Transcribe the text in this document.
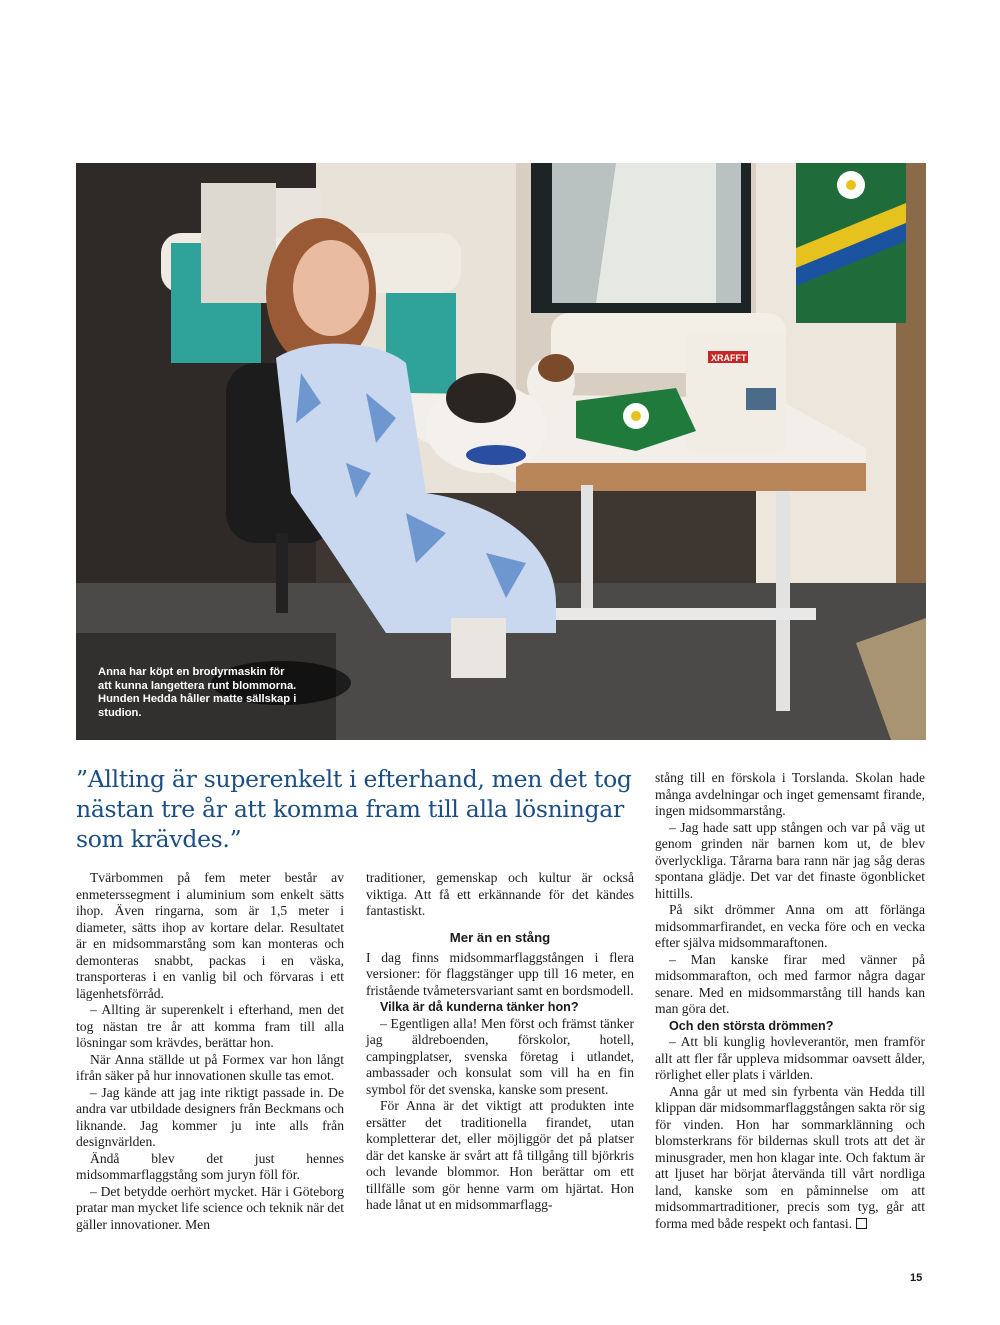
XRAFFT

Anna har köpt en brodyrmaskin för att kunna langettera runt blommorna. Hunden Hedda håller matte sällskap i studion.

”Allting är superenkelt i efterhand, men det tog nästan tre år att komma fram till alla lösningar som krävdes.”

Tvärbommen på fem meter består av enmeterssegment i aluminium som enkelt sätts ihop. Även ringarna, som är 1,5 meter i diameter, sätts ihop av kortare delar. Resultatet är en midsommarstång som kan monteras och demonteras snabbt, packas i en väska, transporteras i en vanlig bil och förvaras i ett lägenhetsförråd.

– Allting är superenkelt i efterhand, men det tog nästan tre år att komma fram till alla lösningar som krävdes, berättar hon.

När Anna ställde ut på Formex var hon långt ifrån säker på hur innovationen skulle tas emot.

– Jag kände att jag inte riktigt passade in. De andra var utbildade designers från Beckmans och liknande. Jag kommer ju inte alls från designvärlden.

Ändå blev det just hennes midsommarflaggstång som juryn föll för.

– Det betydde oerhört mycket. Här i Göteborg pratar man mycket life science och teknik när det gäller innovationer. Men

traditioner, gemenskap och kultur är också viktiga. Att få ett erkännande för det kändes fantastiskt.

Mer än en stång

I dag finns midsommarflaggstången i flera versioner: för flaggstänger upp till 16 meter, en fristående tvåmetersvariant samt en bordsmodell.

Vilka är då kunderna tänker hon?

– Egentligen alla! Men först och främst tänker jag äldreboenden, förskolor, hotell, campingplatser, svenska företag i utlandet, ambassader och konsulat som vill ha en fin symbol för det svenska, kanske som present.

För Anna är det viktigt att produkten inte ersätter det traditionella firandet, utan kompletterar det, eller möjliggör det på platser där det kanske är svårt att få tillgång till björkris och levande blommor. Hon berättar om ett tillfälle som gör henne varm om hjärtat. Hon hade lånat ut en midsommarflagg-

stång till en förskola i Torslanda. Skolan hade många avdelningar och inget gemensamt firande, ingen midsommarstång.

– Jag hade satt upp stången och var på väg ut genom grinden när barnen kom ut, de blev överlyckliga. Tårarna bara rann när jag såg deras spontana glädje. Det var det finaste ögonblicket hittills.

På sikt drömmer Anna om att förlänga midsommarfirandet, en vecka före och en vecka efter själva midsommaraftonen.

– Man kanske firar med vänner på midsommarafton, och med farmor några dagar senare. Med en midsommarstång till hands kan man göra det.

Och den största drömmen?

– Att bli kunglig hovleverantör, men framför allt att fler får uppleva midsommar oavsett ålder, rörlighet eller plats i världen.

Anna går ut med sin fyrbenta vän Hedda till klippan där midsommarflaggstången sakta rör sig för vinden. Hon har sommarklänning och blomsterkrans för bildernas skull trots att det är minusgrader, men hon klagar inte. Och faktum är att ljuset har börjat återvända till vårt nordliga land, kanske som en påminnelse om att midsommartraditioner, precis som tyg, går att forma med både respekt och fantasi.

15
